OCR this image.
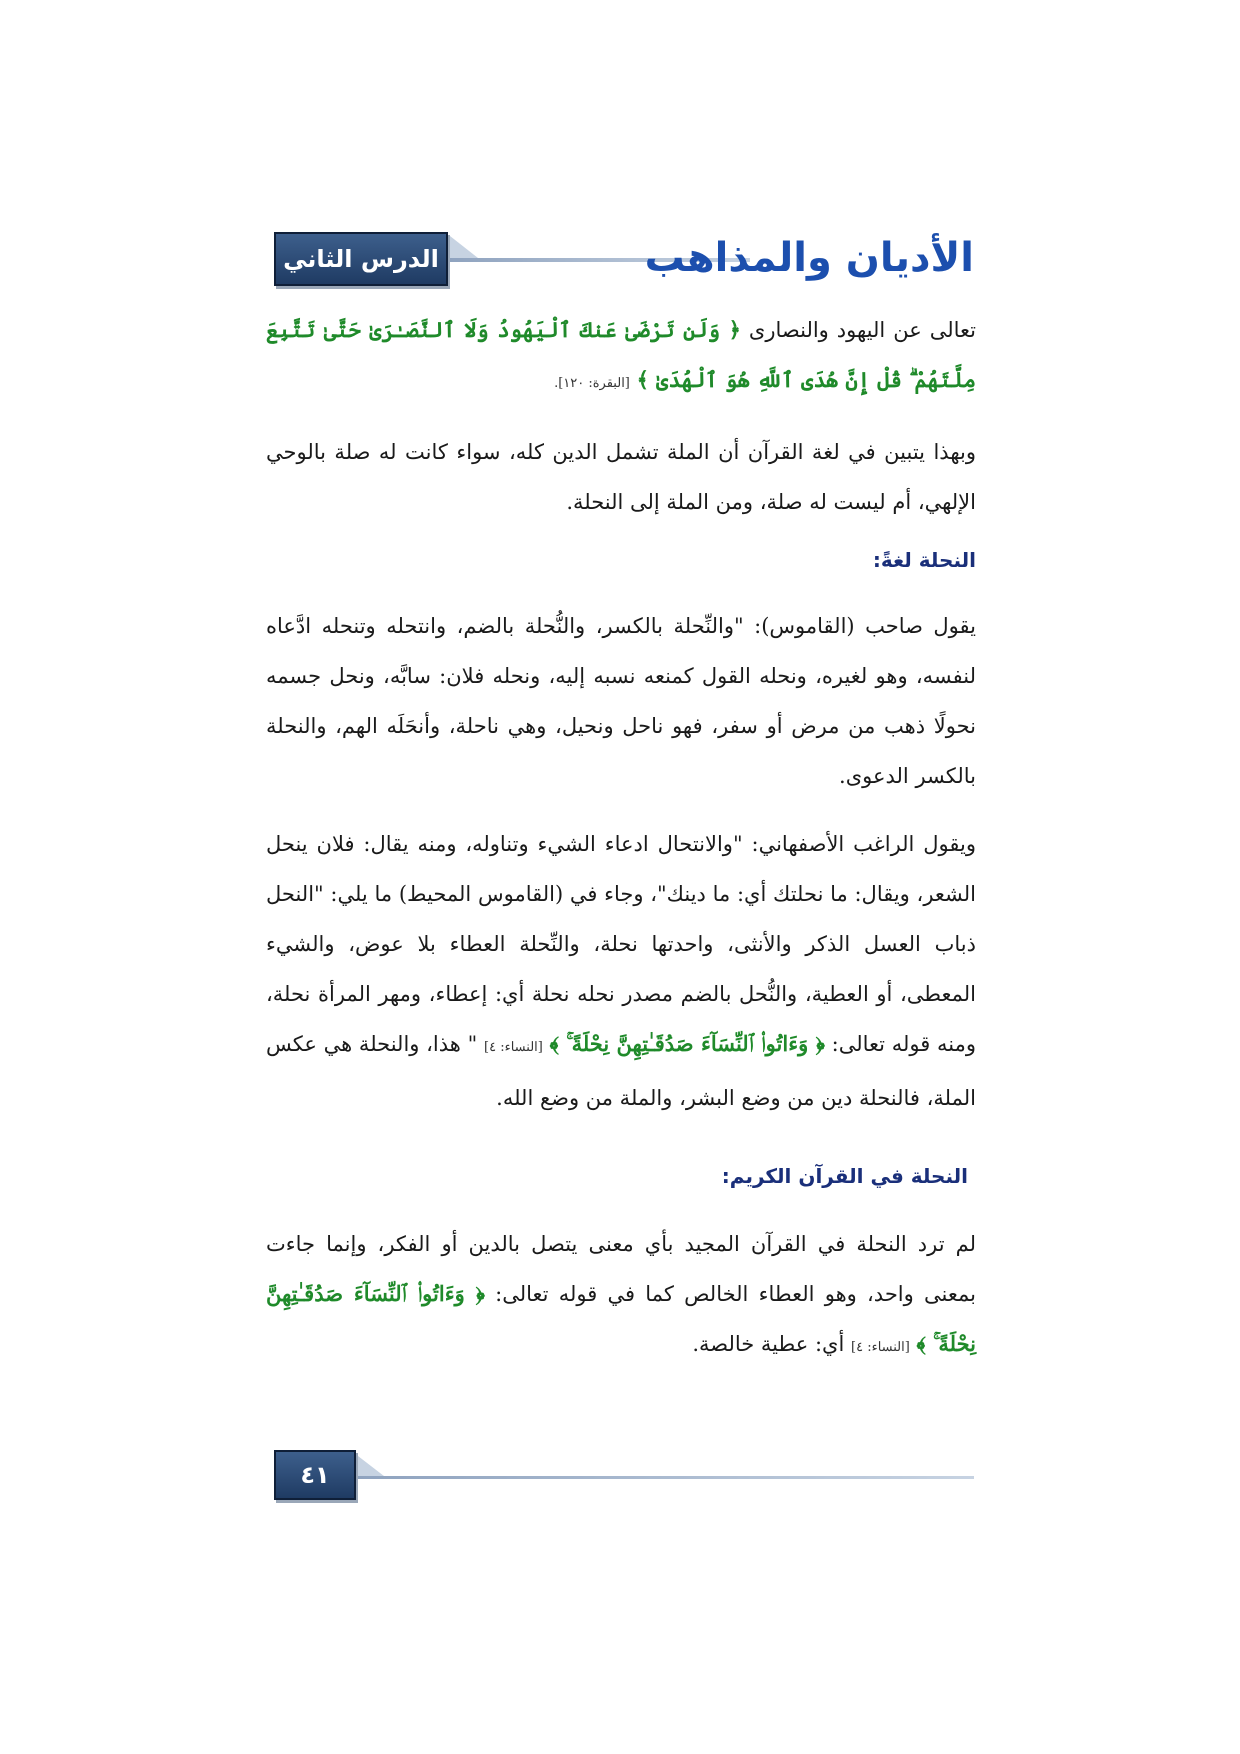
الدرس الثاني	الأديان والمذاهب

تعالى عن اليهود والنصارى ﴿ وَلَن تَرْضَىٰ عَنكَ ٱلْيَهُودُ وَلَا ٱلنَّصَـٰرَىٰ حَتَّىٰ تَتَّبِعَ مِلَّتَهُمْ ۗ قُلْ إِنَّ هُدَى ٱللَّهِ هُوَ ٱلْهُدَىٰ ﴾ [البقرة: ١٢٠].

وبهذا يتبين في لغة القرآن أن الملة تشمل الدين كله، سواء كانت له صلة بالوحي الإلهي، أم ليست له صلة، ومن الملة إلى النحلة.

النحلة لغةً:

يقول صاحب (القاموس): "والنِّحلة بالكسر، والنُّحلة بالضم، وانتحله وتنحله ادَّعاه لنفسه، وهو لغيره، ونحله القول كمنعه نسبه إليه، ونحله فلان: سابَّه، ونحل جسمه نحولًا ذهب من مرض أو سفر، فهو ناحل ونحيل، وهي ناحلة، وأنحَلَه الهم، والنحلة بالكسر الدعوى.

ويقول الراغب الأصفهاني: "والانتحال ادعاء الشيء وتناوله، ومنه يقال: فلان ينحل الشعر، ويقال: ما نحلتك أي: ما دينك"، وجاء في (القاموس المحيط) ما يلي: "النحل ذباب العسل الذكر والأنثى، واحدتها نحلة، والنِّحلة العطاء بلا عوض، والشيء المعطى، أو العطية، والنُّحل بالضم مصدر نحله نحلة أي: إعطاء، ومهر المرأة نحلة، ومنه قوله تعالى: ﴿ وَءَاتُوا۟ ٱلنِّسَآءَ صَدُقَـٰتِهِنَّ نِحْلَةً ۚ ﴾ [النساء: ٤] " هذا، والنحلة هي عكس الملة، فالنحلة دين من وضع البشر، والملة من وضع الله.

النحلة في القرآن الكريم:

لم ترد النحلة في القرآن المجيد بأي معنى يتصل بالدين أو الفكر، وإنما جاءت بمعنى واحد، وهو العطاء الخالص كما في قوله تعالى: ﴿ وَءَاتُوا۟ ٱلنِّسَآءَ صَدُقَـٰتِهِنَّ نِحْلَةً ۚ ﴾ [النساء: ٤] أي: عطية خالصة.

٤١
